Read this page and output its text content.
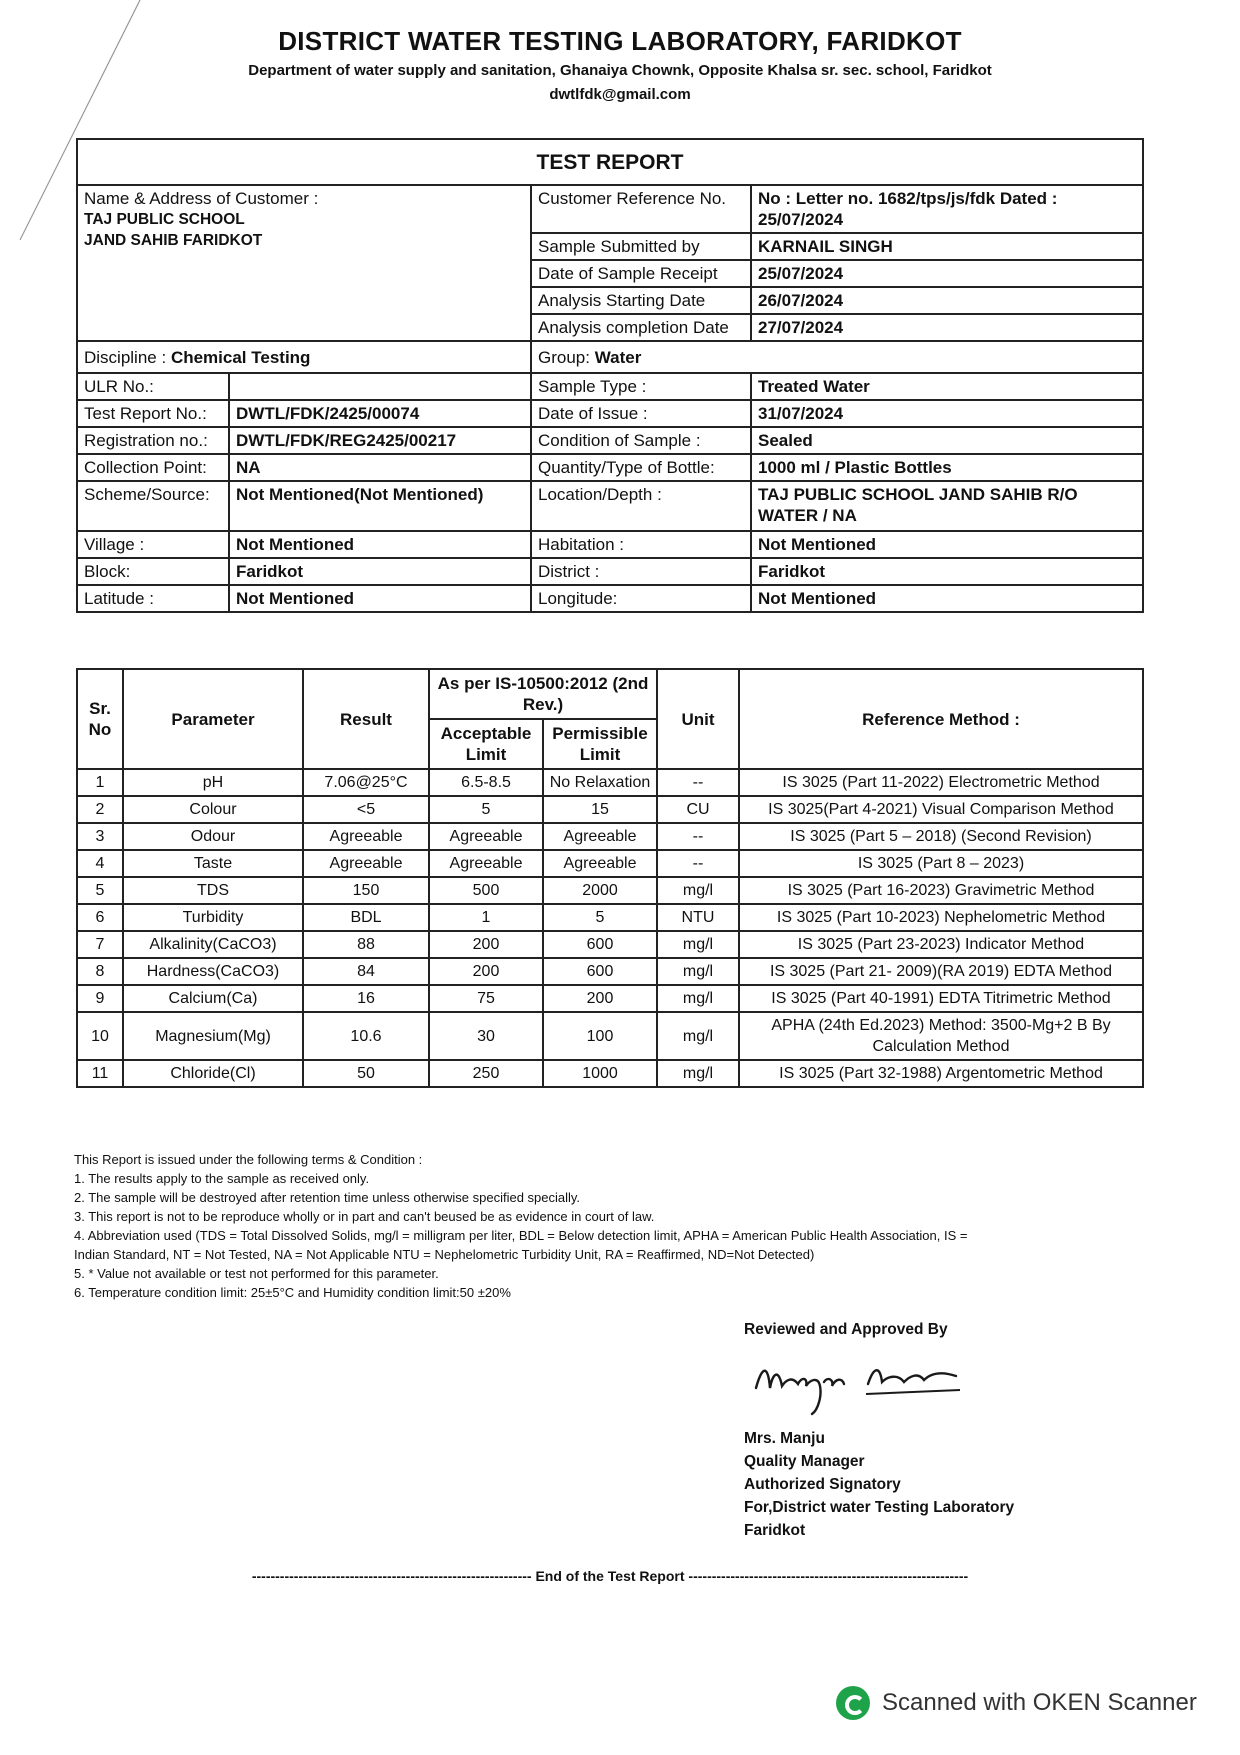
DISTRICT WATER TESTING LABORATORY, FARIDKOT
Department of water supply and sanitation, Ghanaiya Chownk, Opposite Khalsa sr. sec. school, Faridkot
dwtlfdk@gmail.com
TEST REPORT			

Name & Address of Customer :
TAJ PUBLIC SCHOOL
JAND SAHIB FARIDKOT		Customer Reference No.	No : Letter no. 1682/tps/js/fdk Dated : 25/07/2024
		Sample Submitted by	KARNAIL SINGH
		Date of Sample Receipt	25/07/2024
		Analysis Starting Date	26/07/2024
		Analysis completion Date	27/07/2024
Discipline : Chemical Testing		Group: Water	
ULR No.:		Sample Type :	Treated Water
Test Report No.:	DWTL/FDK/2425/00074	Date of Issue :	31/07/2024
Registration no.:	DWTL/FDK/REG2425/00217	Condition of Sample :	Sealed
Collection Point:	NA	Quantity/Type of Bottle:	1000 ml / Plastic Bottles
Scheme/Source:	Not Mentioned(Not Mentioned)	Location/Depth :	TAJ PUBLIC SCHOOL JAND SAHIB R/O WATER / NA
Village :	Not Mentioned	Habitation :	Not Mentioned
Block:	Faridkot	District :	Faridkot
Latitude :	Not Mentioned	Longitude:	Not Mentioned
Sr. No	Parameter	Result	As per IS-10500:2012 (2nd Rev.)		Unit	Reference Method :
			Acceptable Limit	Permissible Limit		
1	pH	7.06@25°C	6.5-8.5	No Relaxation	--	IS 3025 (Part 11-2022) Electrometric Method
2	Colour	<5	5	15	CU	IS 3025(Part 4-2021) Visual Comparison Method
3	Odour	Agreeable	Agreeable	Agreeable	--	IS 3025 (Part 5 – 2018) (Second Revision)
4	Taste	Agreeable	Agreeable	Agreeable	--	IS 3025 (Part 8 – 2023)
5	TDS	150	500	2000	mg/l	IS 3025 (Part 16-2023) Gravimetric Method
6	Turbidity	BDL	1	5	NTU	IS 3025 (Part 10-2023) Nephelometric Method
7	Alkalinity(CaCO3)	88	200	600	mg/l	IS 3025 (Part 23-2023) Indicator Method
8	Hardness(CaCO3)	84	200	600	mg/l	IS 3025 (Part 21- 2009)(RA 2019) EDTA Method
9	Calcium(Ca)	16	75	200	mg/l	IS 3025 (Part 40-1991) EDTA Titrimetric Method
10	Magnesium(Mg)	10.6	30	100	mg/l	APHA (24th Ed.2023) Method: 3500-Mg+2 B By Calculation Method
11	Chloride(Cl)	50	250	1000	mg/l	IS 3025 (Part 32-1988) Argentometric Method
This Report is issued under the following terms & Condition :
1. The results apply to the sample as received only.
2. The sample will be destroyed after retention time unless otherwise specified specially.
3. This report is not to be reproduce wholly or in part and can't beused be as evidence in court of law.
4. Abbreviation used (TDS = Total Dissolved Solids, mg/l = milligram per liter, BDL = Below detection limit, APHA = American Public Health Association, IS =
Indian Standard, NT = Not Tested, NA = Not Applicable NTU = Nephelometric Turbidity Unit, RA = Reaffirmed, ND=Not Detected)
5. * Value not available or test not performed for this parameter.
6. Temperature condition limit: 25±5°C and Humidity condition limit:50 ±20%
Reviewed and Approved By
Mrs. Manju
Quality Manager
Authorized Signatory
For,District water Testing Laboratory
Faridkot
------------------------------------------------------------ End of the Test Report ------------------------------------------------------------
Scanned with OKEN Scanner
